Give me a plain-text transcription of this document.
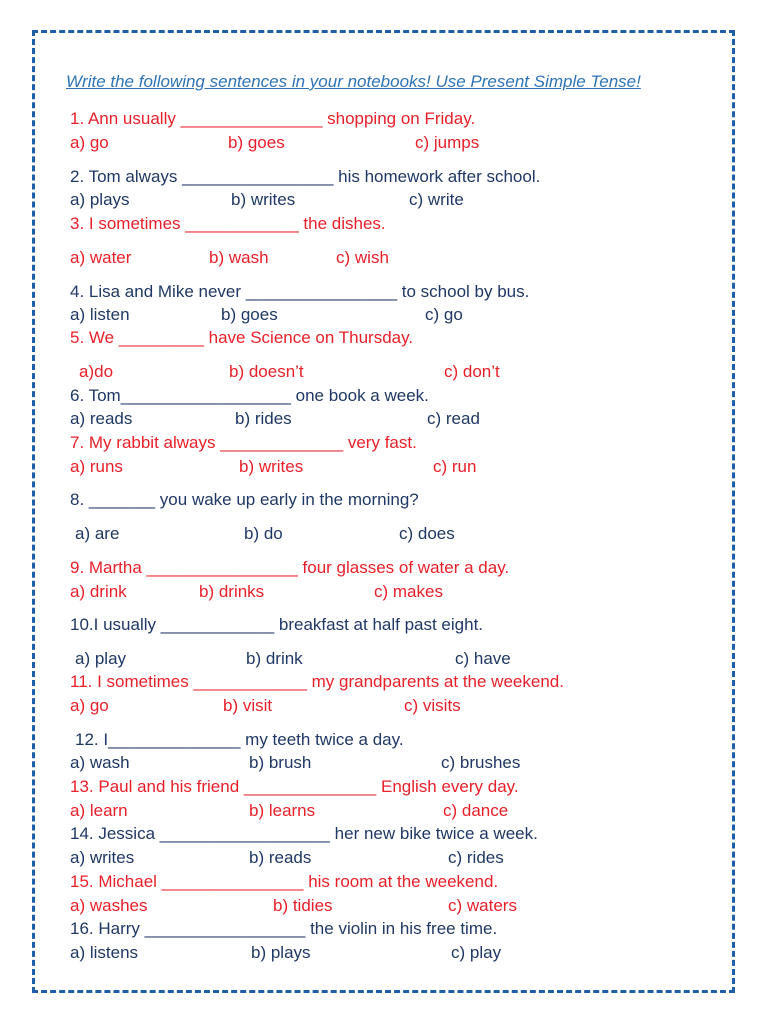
Write the following sentences in your notebooks! Use Present Simple Tense!
1. Ann usually _______________ shopping on Friday.
a) go	b) goes	c) jumps
2. Tom always ________________ his homework after school.
a) plays	b) writes	c) write
3. I sometimes ____________ the dishes.
a) water	b) wash	c) wish
4. Lisa and Mike never ________________ to school by bus.
a) listen	b) goes	c) go
5. We _________ have Science on Thursday.
a)do	b) doesn’t	c) don’t
6. Tom__________________ one book a week.
a) reads	b) rides	c) read
7. My rabbit always _____________ very fast.
a) runs	b) writes	c) run
8. _______ you wake up early in the morning?
a) are	b) do	c) does
9. Martha ________________ four glasses of water a day.
a) drink	b) drinks	c) makes
10.I usually ____________ breakfast at half past eight.
a) play	b) drink	c) have
11. I sometimes ____________ my grandparents at the weekend.
a) go	b) visit	c) visits
12. I______________ my teeth twice a day.
a) wash	b) brush	c) brushes
13. Paul and his friend ______________ English every day.
a) learn	b) learns	c) dance
14. Jessica __________________ her new bike twice a week.
a) writes	b) reads	c) rides
15. Michael _______________ his room at the weekend.
a) washes	b) tidies	c) waters
16. Harry _________________ the violin in his free time.
a) listens	b) plays	c) play
